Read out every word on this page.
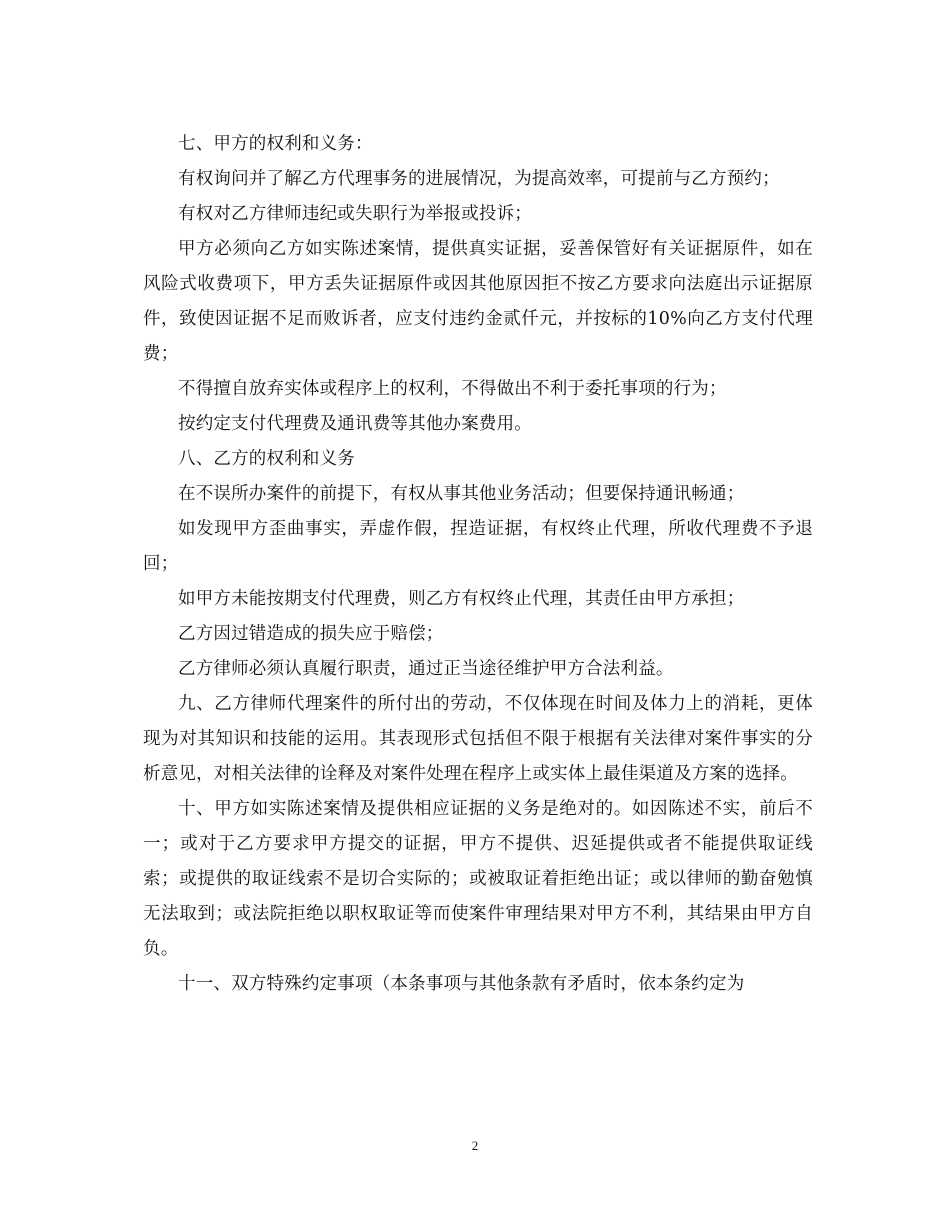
七、甲方的权利和义务：

有权询问并了解乙方代理事务的进展情况，为提高效率，可提前与乙方预约；

有权对乙方律师违纪或失职行为举报或投诉；

甲方必须向乙方如实陈述案情，提供真实证据，妥善保管好有关证据原件，如在风险式收费项下，甲方丢失证据原件或因其他原因拒不按乙方要求向法庭出示证据原件，致使因证据不足而败诉者，应支付违约金贰仟元，并按标的10%向乙方支付代理费；

不得擅自放弃实体或程序上的权利，不得做出不利于委托事项的行为；

按约定支付代理费及通讯费等其他办案费用。

八、乙方的权利和义务

在不误所办案件的前提下，有权从事其他业务活动；但要保持通讯畅通；

如发现甲方歪曲事实，弄虚作假，捏造证据，有权终止代理，所收代理费不予退回；

如甲方未能按期支付代理费，则乙方有权终止代理，其责任由甲方承担；

乙方因过错造成的损失应于赔偿；

乙方律师必须认真履行职责，通过正当途径维护甲方合法利益。

九、乙方律师代理案件的所付出的劳动，不仅体现在时间及体力上的消耗，更体现为对其知识和技能的运用。其表现形式包括但不限于根据有关法律对案件事实的分析意见，对相关法律的诠释及对案件处理在程序上或实体上最佳渠道及方案的选择。

十、甲方如实陈述案情及提供相应证据的义务是绝对的。如因陈述不实，前后不一；或对于乙方要求甲方提交的证据，甲方不提供、迟延提供或者不能提供取证线索；或提供的取证线索不是切合实际的；或被取证着拒绝出证；或以律师的勤奋勉慎无法取到；或法院拒绝以职权取证等而使案件审理结果对甲方不利，其结果由甲方自负。

十一、双方特殊约定事项（本条事项与其他条款有矛盾时，依本条约定为

2
